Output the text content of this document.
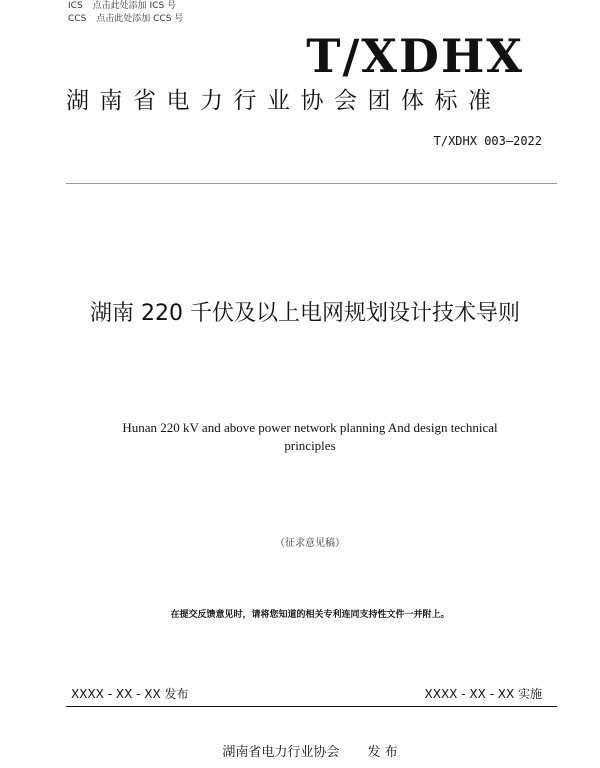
ICS 点击此处添加 ICS 号
CCS 点击此处添加 CCS 号
T/XDHX
湖南省电力行业协会团体标准
T/XDHX 003—2022
湖南 220 千伏及以上电网规划设计技术导则
Hunan 220 kV and above power network planning And design technical principles
（征求意见稿）
在提交反馈意见时，请将您知道的相关专利连同支持性文件一并附上。
XXXX - XX - XX 发布	XXXX - XX - XX 实施
湖南省电力行业协会 发 布
